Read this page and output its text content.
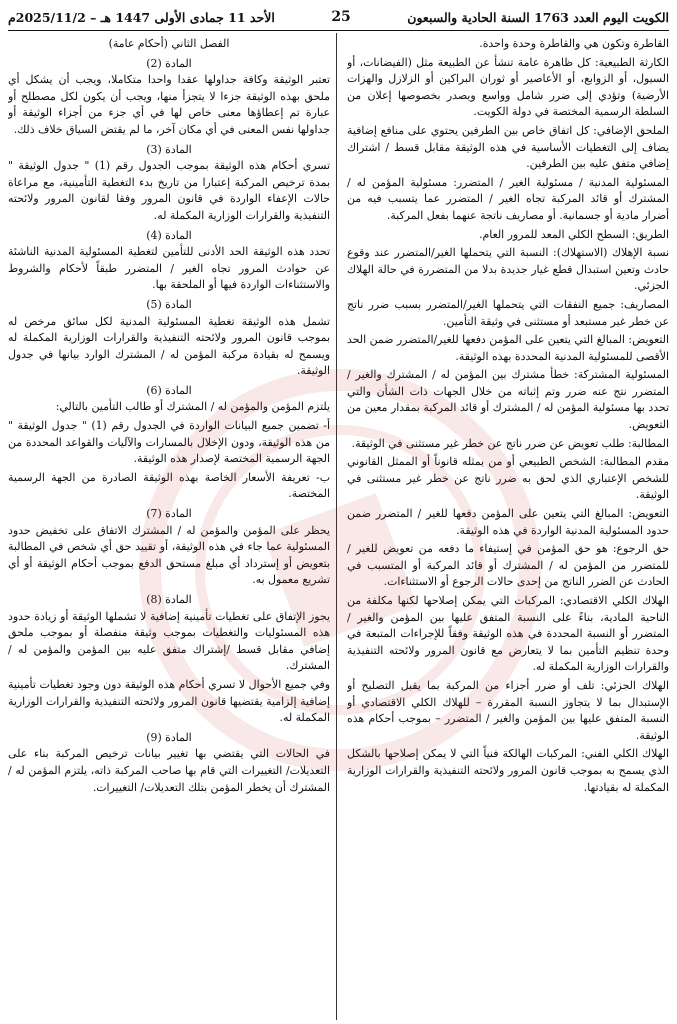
الكويت اليوم العدد 1763 السنة الحادية والسبعون
25
الأحد 11 جمادى الأولى 1447 هـ – 2025/11/2م

القاطرة وتكون هي والقاطرة وحدة واحدة.

الكارثة الطبيعية: كل ظاهرة عامة تنشأ عن الطبيعة مثل (الفيضانات، أو السيول، أو الزوابع، أو الأعاصير أو ثوران البراكين أو الزلازل والهزات الأرضية) وتؤدي إلى ضرر شامل وواسع ويصدر بخصوصها إعلان من السلطة الرسمية المختصة في دولة الكويت.

الملحق الإضافي: كل اتفاق خاص بين الطرفين يحتوي على منافع إضافية يضاف إلى التغطيات الأساسية في هذه الوثيقة مقابل قسط / اشتراك إضافي متفق عليه بين الطرفين.

المسئولية المدنية / مسئولية الغير / المتضرر: مسئولية المؤمن له / المشترك أو قائد المركبة تجاه الغير / المتضرر عما يتسبب فيه من أضرار مادية أو جسمانية. أو مصاريف ناتجة عنهما بفعل المركبة.

الطريق: السطح الكلي المعد للمرور العام.

نسبة الإهلاك (الاستهلاك): النسبة التي يتحملها الغير/المتضرر عند وقوع حادث وتعين استبدال قطع غيار جديدة بدلا من المتضررة في حالة الهلاك الجزئي.

المصاريف: جميع النفقات التي يتحملها الغير/المتضرر بسبب ضرر ناتج عن خطر غير مستبعد أو مستثنى في وثيقة التأمين.

التعويض: المبالغ التي يتعين على المؤمن دفعها للغير/المتضرر ضمن الحد الأقصى للمسئولية المدنية المحددة بهذه الوثيقة.

المسئولية المشتركة: خطأ مشترك بين المؤمن له / المشترك والغير / المتضرر نتج عنه ضرر وتم إثباته من خلال الجهات ذات الشأن والتي تحدد بها مسئولية المؤمن له / المشترك أو قائد المركبة بمقدار معين من التعويض.

المطالبة: طلب تعويض عن ضرر ناتج عن خطر غير مستثنى في الوثيقة.

مقدم المطالبة: الشخص الطبيعي أو من يمثله قانوناً أو الممثل القانوني للشخص الإعتباري الذي لحق به ضرر ناتج عن خطر غير مستثنى في الوثيقة.

التعويض: المبالغ التي يتعين على المؤمن دفعها للغير / المتضرر ضمن حدود المسئولية المدنية الواردة في هذه الوثيقة.

حق الرجوع: هو حق المؤمن في إستيفاء ما دفعه من تعويض للغير / للمتضرر من المؤمن له / المشترك أو قائد المركبة أو المتسبب في الحادث عن الضرر الناتج من إحدى حالات الرجوع أو الاستثناءات.

الهلاك الكلي الاقتصادي: المركبات التي يمكن إصلاحها لكنها مكلفة من الناحية المادية، بناءً على النسبة المتفق عليها بين المؤمن والغير / المتضرر أو النسبة المحددة في هذه الوثيقة وفقاً للإجراءات المتبعة في وحدة تنظيم التأمين بما لا يتعارض مع قانون المرور ولائحته التنفيذية والقرارات الوزارية المكملة له.

الهلاك الجزئي: تلف أو ضرر أجزاء من المركبة بما يقبل التصليح أو الإستبدال بما لا يتجاوز النسبة المقررة – للهلاك الكلي الاقتصادي أو النسبة المتفق عليها بين المؤمن والغير / المتضرر – بموجب أحكام هذه الوثيقة.

الهلاك الكلي الفني: المركبات الهالكة فنياً التي لا يمكن إصلاحها بالشكل الذي يسمح به بموجب قانون المرور ولائحته التنفيذية والقرارات الوزارية المكملة له بقيادتها.

الفصل الثاني (أحكام عامة)

المادة (2)

تعتبر الوثيقة وكافة جداولها عقدا واحدا متكاملا، ويجب أن يشكل أي ملحق بهذه الوثيقة جزءا لا يتجزأ منها، ويجب أن يكون لكل مصطلح أو عبارة تم إعطاؤها معنى خاص لها في أي جزء من أجزاء الوثيقة أو جداولها نفس المعنى في أي مكان آخر، ما لم يقتض السياق خلاف ذلك.

المادة (3)

تسري أحكام هذه الوثيقة بموجب الجدول رقم (1) " جدول الوثيقة " بمدة ترخيص المركبة إعتبارا من تاريخ بدء التغطية التأمينية، مع مراعاة حالات الإعفاء الواردة في قانون المرور وفقا لقانون المرور ولائحته التنفيذية والقرارات الوزارية المكملة له.

المادة (4)

تحدد هذه الوثيقة الحد الأدنى للتأمين لتغطية المسئولية المدنية الناشئة عن حوادث المرور تجاه الغير / المتضرر طبقاً لأحكام والشروط والاستثناءات الواردة فيها أو الملحقة بها.

المادة (5)

تشمل هذه الوثيقة تغطية المسئولية المدنية لكل سائق مرخص له بموجب قانون المرور ولائحته التنفيذية والقرارات الوزارية المكملة له ويسمح له بقيادة مركبة المؤمن له / المشترك الوارد بيانها في جدول الوثيقة.

المادة (6)

يلتزم المؤمن والمؤمن له / المشترك أو طالب التأمين بالتالي:

أ- تضمين جميع البيانات الواردة في الجدول رقم (1) " جدول الوثيقة " من هذه الوثيقة، ودون الإخلال بالمسارات والآليات والقواعد المحددة من الجهة الرسمية المختصة لإصدار هذه الوثيقة.

ب- تعريفة الأسعار الخاصة بهذه الوثيقة الصادرة من الجهة الرسمية المختصة.

المادة (7)

يحظر على المؤمن والمؤمن له / المشترك الاتفاق على تخفيض حدود المسئولية عما جاء في هذه الوثيقة، أو تقييد حق أي شخص في المطالبة بتعويض أو إسترداد أي مبلغ مستحق الدفع بموجب أحكام الوثيقة أو أي تشريع معمول به.

المادة (8)

يجوز الإتفاق على تغطيات تأمينية إضافية لا تشملها الوثيقة أو زيادة حدود هذه المسئوليات والتغطيات بموجب وثيقة منفصلة أو بموجب ملحق إضافي مقابل قسط /إشتراك متفق عليه بين المؤمن والمؤمن له / المشترك.

وفي جميع الأحوال لا تسري أحكام هذه الوثيقة دون وجود تغطيات تأمينية إضافية إلزامية يقتضيها قانون المرور ولائحته التنفيذية والقرارات الوزارية المكملة له.

المادة (9)

في الحالات التي يقتضي بها تغيير بيانات ترخيص المركبة بناء على التعديلات/ التغييرات التي قام بها صاحب المركبة ذاته، يلتزم المؤمن له / المشترك أن يخطر المؤمن بتلك التعديلات/ التغييرات.
